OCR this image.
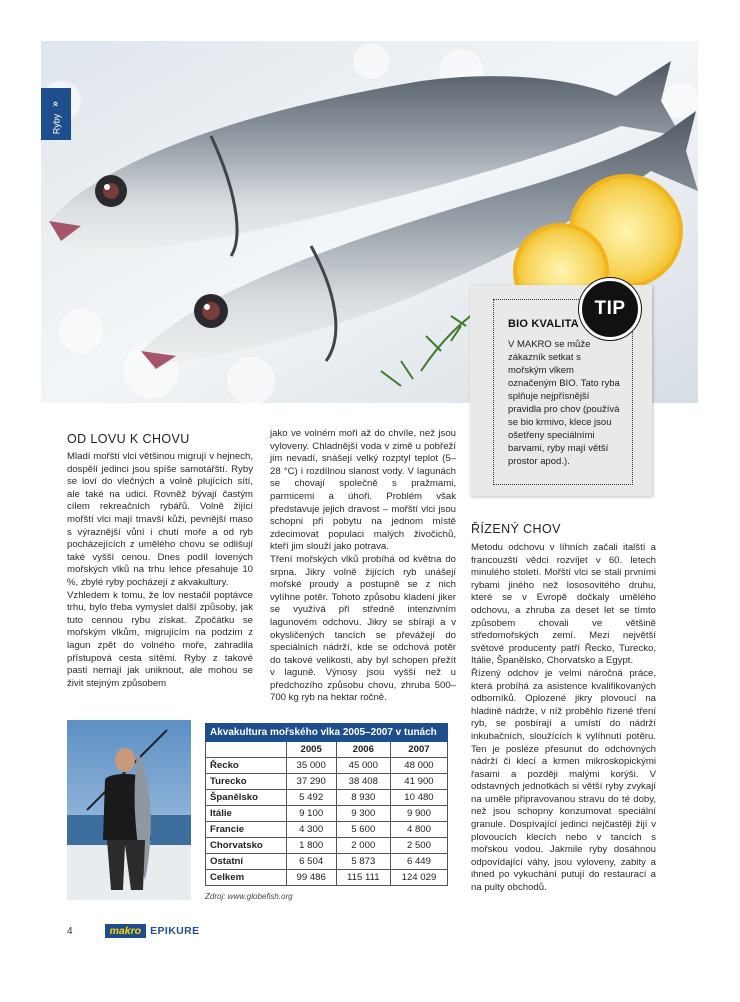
»
Ryby
BIO KVALITA
V MAKRO se může zákazník setkat s mořským vlkem označeným BIO. Tato ryba splňuje nejpřísnější pravidla pro chov (používá se bio krmivo, klece jsou ošetřeny speciálními barvami, ryby mají větší prostor apod.).
TIP
OD LOVU K CHOVU
Mladí mořští vlci většinou migrují v hejnech, dospělí jedinci jsou spíše samotářští. Ryby se loví do vlečných a volně plujících sítí, ale také na udici. Rovněž bývají častým cílem rekreačních rybářů. Volně žijící mořští vlci mají tmavší kůži, pevnější maso s výraznější vůní i chutí moře a od ryb pocházejících z umělého chovu se odlišují také vyšší cenou. Dnes podíl lovených mořských vlků na trhu lehce přesahuje 10 %, zbylé ryby pocházejí z akvakultury.
Vzhledem k tomu, že lov nestačil poptávce trhu, bylo třeba vymyslet další způsoby, jak tuto cennou rybu získat. Zpočátku se mořským vlkům, migrujícím na podzim z lagun zpět do volného moře, zahradila přístupová cesta sítěmi. Ryby z takové pasti nemají jak uniknout, ale mohou se živit stejným způsobem
jako ve volném moři až do chvíle, než jsou vyloveny. Chladnější voda v zimě u pobřeží jim nevadí, snášejí velký rozptyl teplot (5–28 °C) i rozdílnou slanost vody. V lagunách se chovají společně s pražmami, parmicemi a úhoři. Problém však představuje jejich dravost – mořští vlci jsou schopni při pobytu na jednom místě zdecimovat populaci malých živočichů, kteří jim slouží jako potrava.
Tření mořských vlků probíhá od května do srpna. Jikry volně žijících ryb unášejí mořské proudy a postupně se z nich vylíhne potěr. Tohoto způsobu kladení jiker se využívá při středně intenzivním lagunovém odchovu. Jikry se sbírají a v okysličených tancích se převážejí do speciálních nádrží, kde se odchová potěr do takové velikosti, aby byl schopen přežít v laguně. Výnosy jsou vyšší než u předchozího způsobu chovu, zhruba 500–700 kg ryb na hektar ročně.
ŘÍZENÝ CHOV
Metodu odchovu v líhních začali italští a francouzští vědci rozvíjet v 60. letech minulého století. Mořští vlci se stali prvními rybami jiného než lososovitého druhu, které se v Evropě dočkaly umělého odchovu, a zhruba za deset let se tímto způsobem chovali ve většině středomořských zemí. Mezi největší světové producenty patří Řecko, Turecko, Itálie, Španělsko, Chorvatsko a Egypt.
Řízený odchov je velmi náročná práce, která probíhá za asistence kvalifikovaných odborníků. Oplozené jikry plovoucí na hladině nádrže, v níž proběhlo řízené tření ryb, se posbírají a umístí do nádrží inkubačních, sloužících k vylíhnutí potěru. Ten je posléze přesunut do odchovných nádrží či klecí a krmen mikroskopickými řasami a později malými korýši. V odstavných jednotkách si větší ryby zvykají na uměle připravovanou stravu do té doby, než jsou schopny konzumovat speciální granule. Dospívající jedinci nejčastěji žijí v plovoucích klecích nebo v tancích s mořskou vodou. Jakmile ryby dosáhnou odpovídající váhy, jsou vyloveny, zabity a ihned po vykuchání putují do restaurací a na pulty obchodů.
Akvakultura mořského vlka 2005–2007 v tunách			
	2005	2006	2007
Řecko	35 000	45 000	48 000
Turecko	37 290	38 408	41 900
Španělsko	5 492	8 930	10 480
Itálie	9 100	9 300	9 900
Francie	4 300	5 600	4 800
Chorvatsko	1 800	2 000	2 500
Ostatní	6 504	5 873	6 449
Celkem	99 486	115 111	124 029
Zdroj: www.globefish.org
4	makro EPIKURE
